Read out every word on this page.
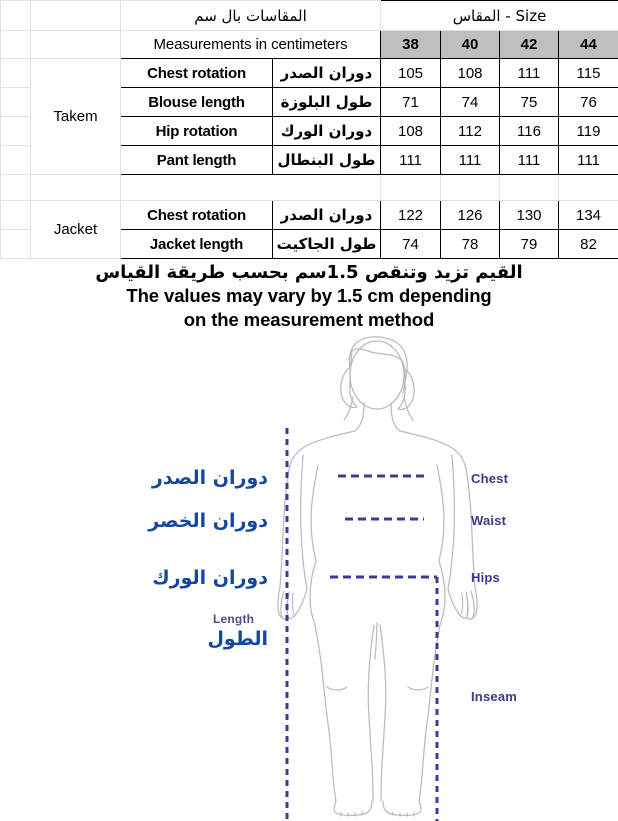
		المقاسات بال سم		المقاس - Size			
		Measurements in centimeters		38	40	42	44
	Takem	Chest rotation	دوران الصدر	105	108	111	115
		Blouse length	طول البلوزة	71	74	75	76
		Hip rotation	دوران الورك	108	112	116	119
		Pant length	طول البنطال	111	111	111	111

	Jacket	Chest rotation	دوران الصدر	122	126	130	134
		Jacket length	طول الجاكيت	74	78	79	82
القيم تزيد وتنقص 1.5سم بحسب طريقة القياس
The values may vary by 1.5 cm depending
on the measurement method
دوران الصدر
دوران الخصر
دوران الورك
Length
الطول
Chest
Waist
Hips
Inseam
